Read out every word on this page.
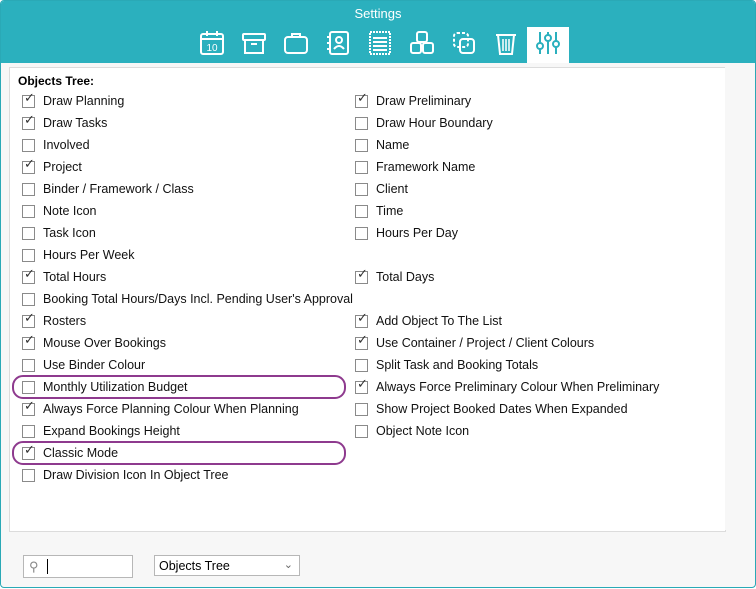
Settings
10
Objects Tree:
✓ Draw Planning
✓ Draw Tasks
Involved
✓ Project
Binder / Framework / Class
Note Icon
Task Icon
Hours Per Week
✓ Total Hours
Booking Total Hours/Days Incl. Pending User's Approval
✓ Rosters
✓ Mouse Over Bookings
Use Binder Colour
Monthly Utilization Budget
✓ Always Force Planning Colour When Planning
Expand Bookings Height
✓ Classic Mode
Draw Division Icon In Object Tree
✓ Draw Preliminary
Draw Hour Boundary
Name
Framework Name
Client
Time
Hours Per Day
✓ Total Days
✓ Add Object To The List
✓ Use Container / Project / Client Colours
Split Task and Booking Totals
✓ Always Force Preliminary Colour When Preliminary
Show Project Booked Dates When Expanded
Object Note Icon
⚲	Objects Tree	⌄
